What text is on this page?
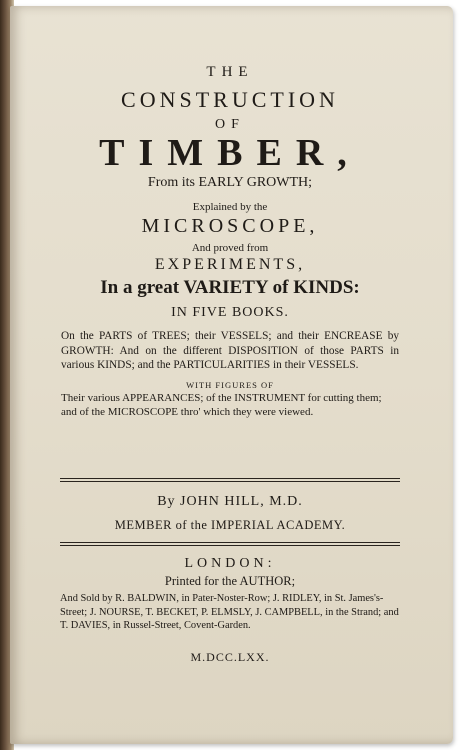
THE
CONSTRUCTION
OF
TIMBER,
From its EARLY GROWTH;
Explained by the
MICROSCOPE,
And proved from
EXPERIMENTS,
In a great VARIETY of KINDS:
IN FIVE BOOKS.
On the PARTS of TREES; their VESSELS; and their ENCREASE by GROWTH: And on the different DISPOSITION of those PARTS in various KINDS; and the PARTICULARITIES in their VESSELS.
WITH FIGURES OF
Their various APPEARANCES; of the INSTRUMENT for cutting them; and of the MICROSCOPE thro' which they were viewed.
By JOHN HILL, M.D.
MEMBER of the IMPERIAL ACADEMY.
LONDON:
Printed for the AUTHOR;
And Sold by R. BALDWIN, in Pater-Noster-Row; J. RIDLEY, in St. James's-Street; J. NOURSE, T. BECKET, P. ELMSLY, J. CAMPBELL, in the Strand; and T. DAVIES, in Russel-Street, Covent-Garden.
M.DCC.LXX.
